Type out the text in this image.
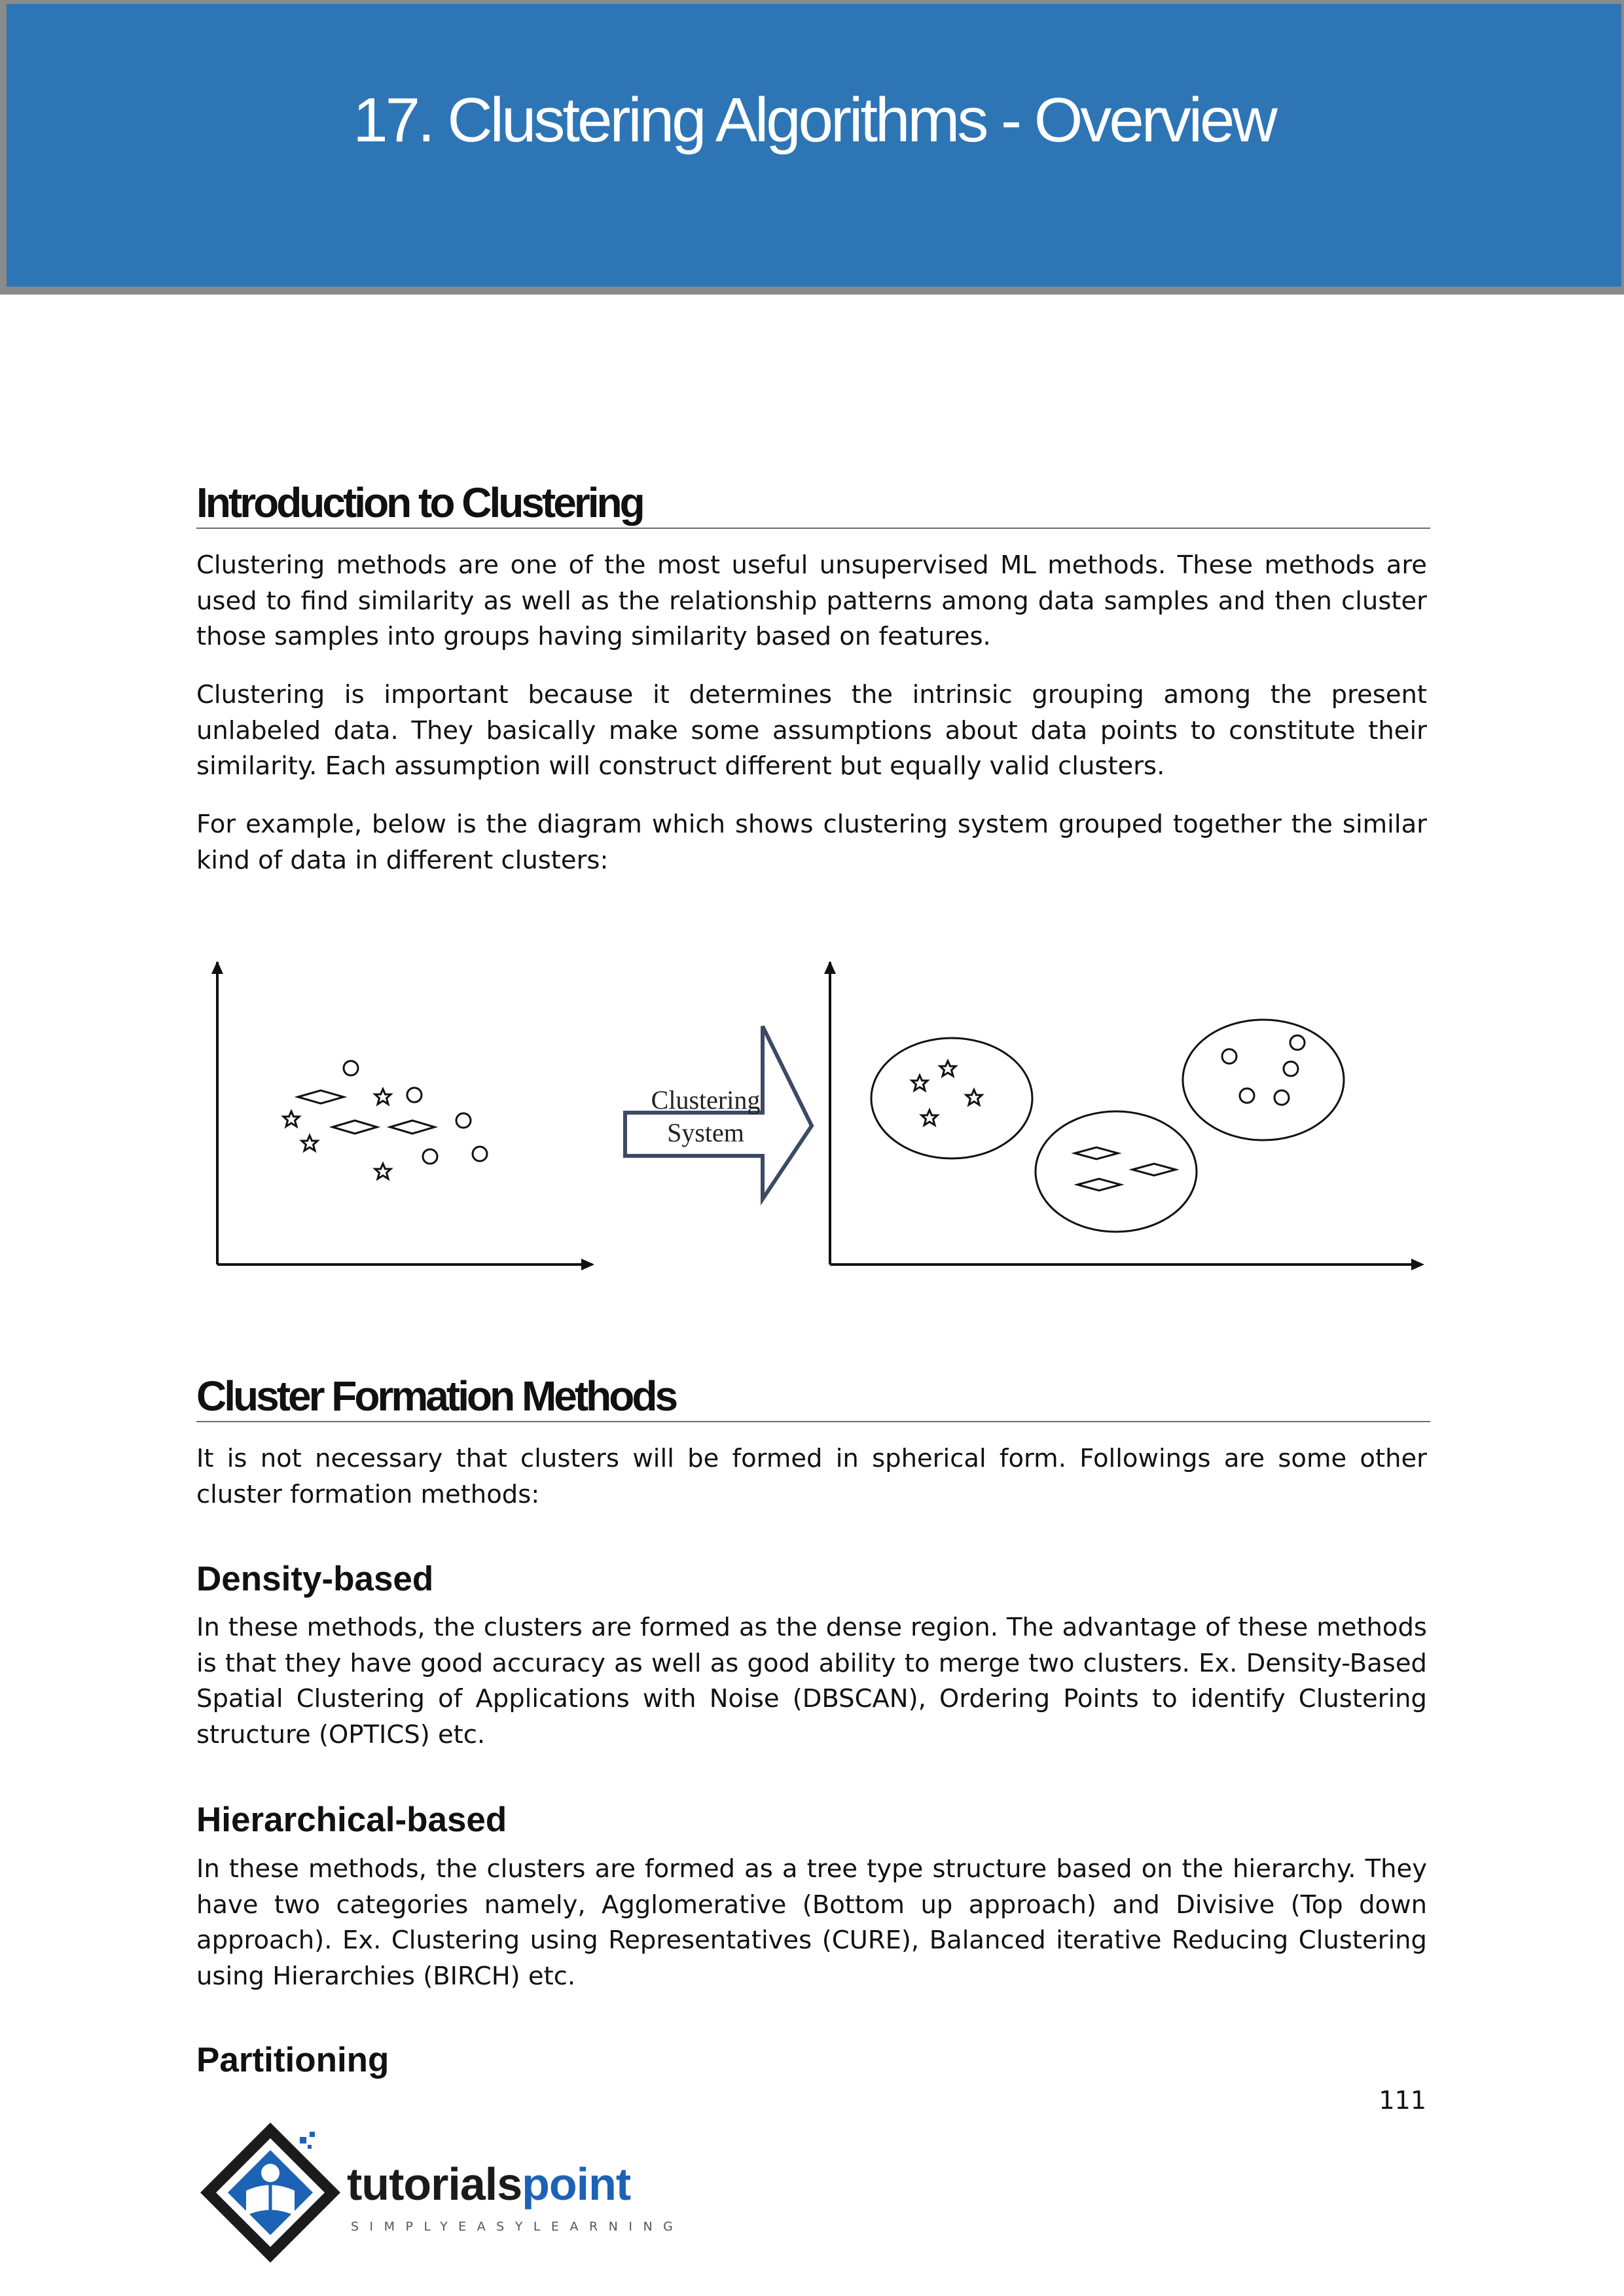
17. Clustering Algorithms - Overview
Introduction to Clustering

Clustering methods are one of the most useful unsupervised ML methods. These methods are used to find similarity as well as the relationship patterns among data samples and then cluster those samples into groups having similarity based on features.

Clustering is important because it determines the intrinsic grouping among the present unlabeled data. They basically make some assumptions about data points to constitute their similarity. Each assumption will construct different but equally valid clusters.

For example, below is the diagram which shows clustering system grouped together the similar kind of data in different clusters:

Clustering
System
Cluster Formation Methods

It is not necessary that clusters will be formed in spherical form. Followings are some other cluster formation methods:

Density-based

In these methods, the clusters are formed as the dense region. The advantage of these methods is that they have good accuracy as well as good ability to merge two clusters. Ex. Density-Based Spatial Clustering of Applications with Noise (DBSCAN), Ordering Points to identify Clustering structure (OPTICS) etc.

Hierarchical-based

In these methods, the clusters are formed as a tree type structure based on the hierarchy. They have two categories namely, Agglomerative (Bottom up approach) and Divisive (Top down approach). Ex. Clustering using Representatives (CURE), Balanced iterative Reducing Clustering using Hierarchies (BIRCH) etc.

Partitioning
111
tutorialspoint
SIMPLYEASYLEARNING
